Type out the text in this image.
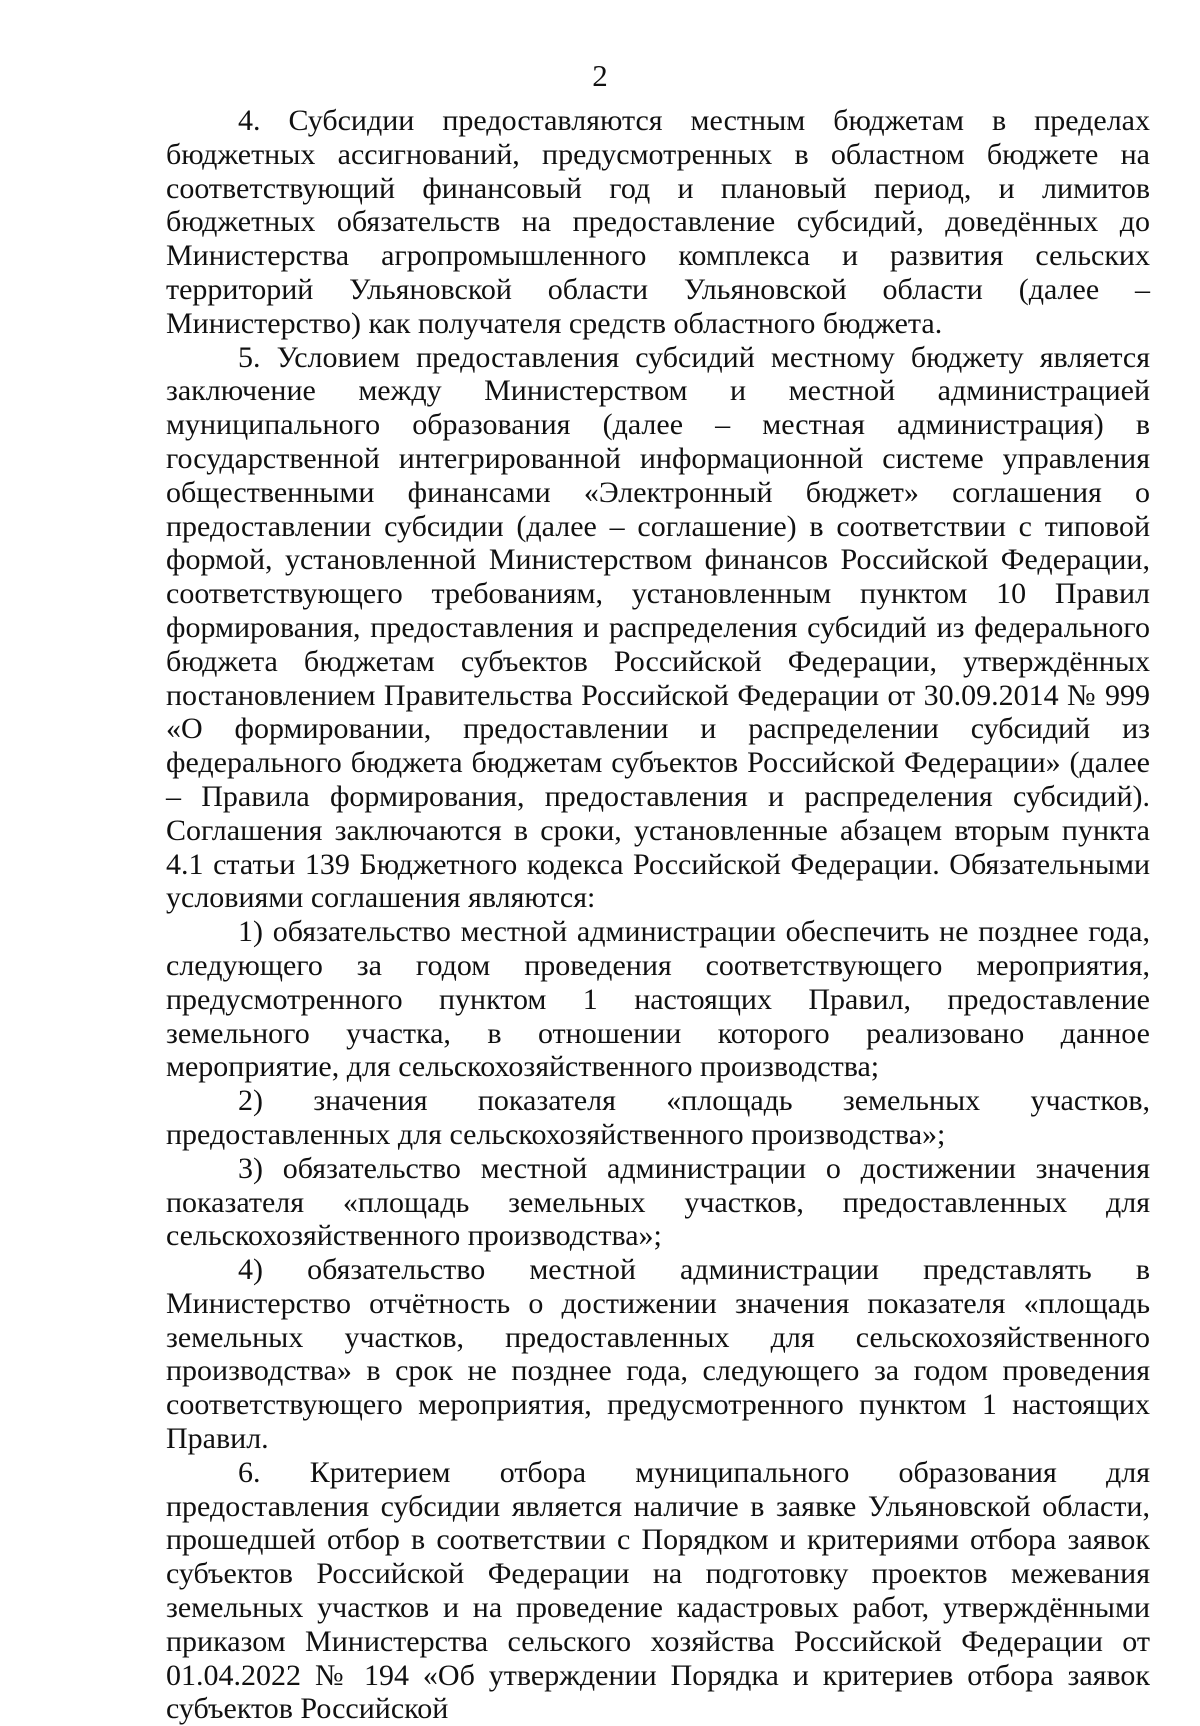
2

4. Субсидии предоставляются местным бюджетам в пределах бюджетных ассигнований, предусмотренных в областном бюджете на соответствующий финансовый год и плановый период, и лимитов бюджетных обязательств на предоставление субсидий, доведённых до Министерства агропромышленного комплекса и развития сельских территорий Ульяновской области Ульяновской области (далее – Министерство) как получателя средств областного бюджета.

5. Условием предоставления субсидий местному бюджету является заключение между Министерством и местной администрацией муниципального образования (далее – местная администрация) в государственной интегрированной информационной системе управления общественными финансами «Электронный бюджет» соглашения о предоставлении субсидии (далее – соглашение) в соответствии с типовой формой, установленной Министерством финансов Российской Федерации, соответствующего требованиям, установленным пунктом 10 Правил формирования, предоставления и распределения субсидий из федерального бюджета бюджетам субъектов Российской Федерации, утверждённых постановлением Правительства Российской Федерации от 30.09.2014 № 999 «О формировании, предоставлении и распределении субсидий из федерального бюджета бюджетам субъектов Российской Федерации» (далее – Правила формирования, предоставления и распределения субсидий). Соглашения заключаются в сроки, установленные абзацем вторым пункта 4.1 статьи 139 Бюджетного кодекса Российской Федерации. Обязательными условиями соглашения являются:

1) обязательство местной администрации обеспечить не позднее года, следующего за годом проведения соответствующего мероприятия, предусмотренного пунктом 1 настоящих Правил, предоставление земельного участка, в отношении которого реализовано данное мероприятие, для сельскохозяйственного производства;

2) значения показателя «площадь земельных участков, предоставленных для сельскохозяйственного производства»;

3) обязательство местной администрации о достижении значения показателя «площадь земельных участков, предоставленных для сельскохозяйственного производства»;

4) обязательство местной администрации представлять в Министерство отчётность о достижении значения показателя «площадь земельных участков, предоставленных для сельскохозяйственного производства» в срок не позднее года, следующего за годом проведения соответствующего мероприятия, предусмотренного пунктом 1 настоящих Правил.

6. Критерием отбора муниципального образования для предоставления субсидии является наличие в заявке Ульяновской области, прошедшей отбор в соответствии с Порядком и критериями отбора заявок субъектов Российской Федерации на подготовку проектов межевания земельных участков и на проведение кадастровых работ, утверждёнными приказом Министерства сельского хозяйства Российской Федерации от 01.04.2022 № 194 «Об утверждении Порядка и критериев отбора заявок субъектов Российской
